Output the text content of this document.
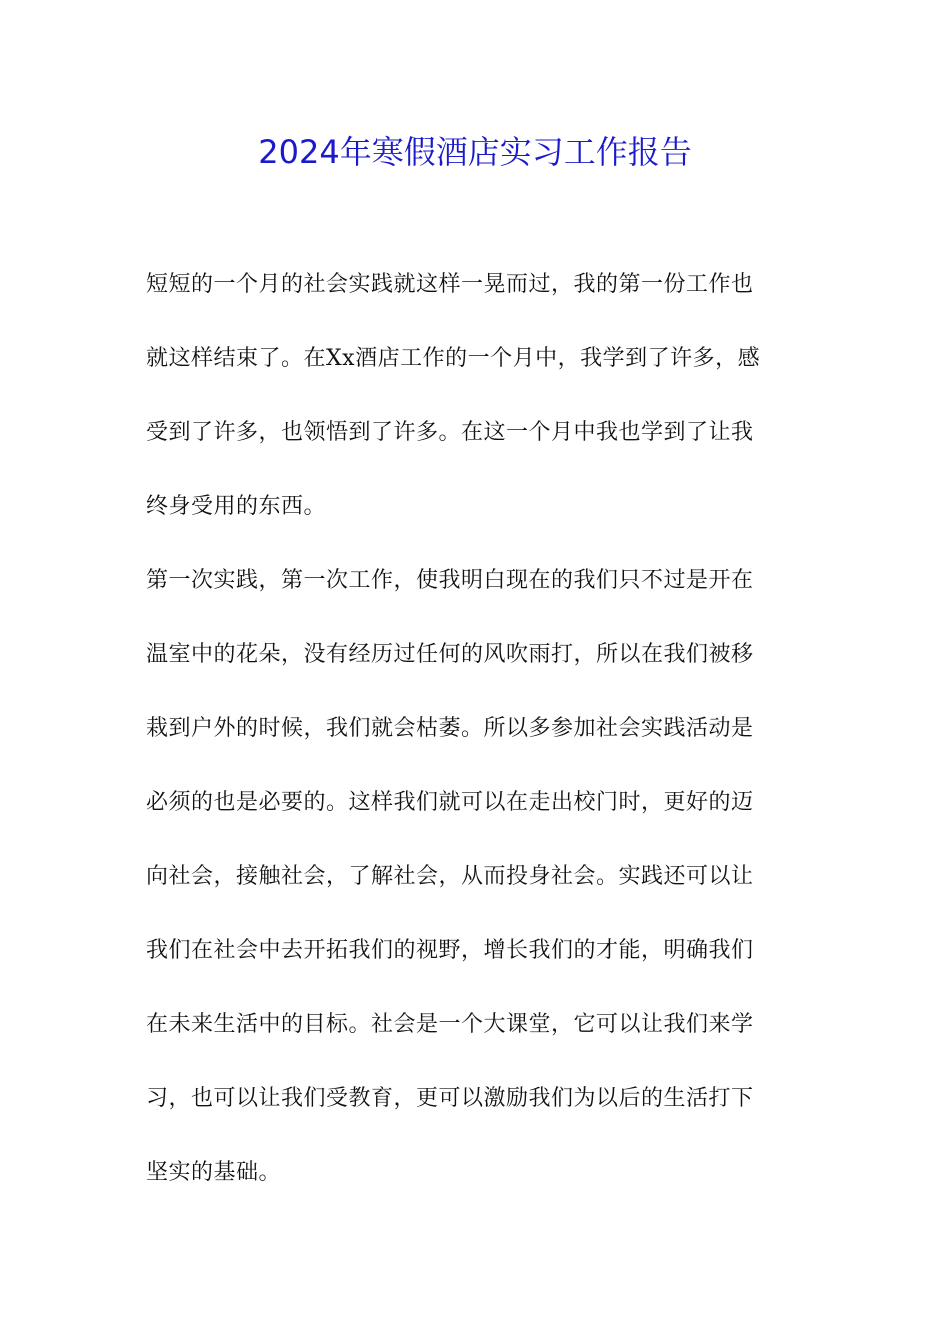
2024年寒假酒店实习工作报告
短短的一个月的社会实践就这样一晃而过，我的第一份工作也
就这样结束了。在Xx酒店工作的一个月中，我学到了许多，感
受到了许多，也领悟到了许多。在这一个月中我也学到了让我
终身受用的东西。
第一次实践，第一次工作，使我明白现在的我们只不过是开在
温室中的花朵，没有经历过任何的风吹雨打，所以在我们被移
栽到户外的时候，我们就会枯萎。所以多参加社会实践活动是
必须的也是必要的。这样我们就可以在走出校门时，更好的迈
向社会，接触社会，了解社会，从而投身社会。实践还可以让
我们在社会中去开拓我们的视野，增长我们的才能，明确我们
在未来生活中的目标。社会是一个大课堂，它可以让我们来学
习，也可以让我们受教育，更可以激励我们为以后的生活打下
坚实的基础。
